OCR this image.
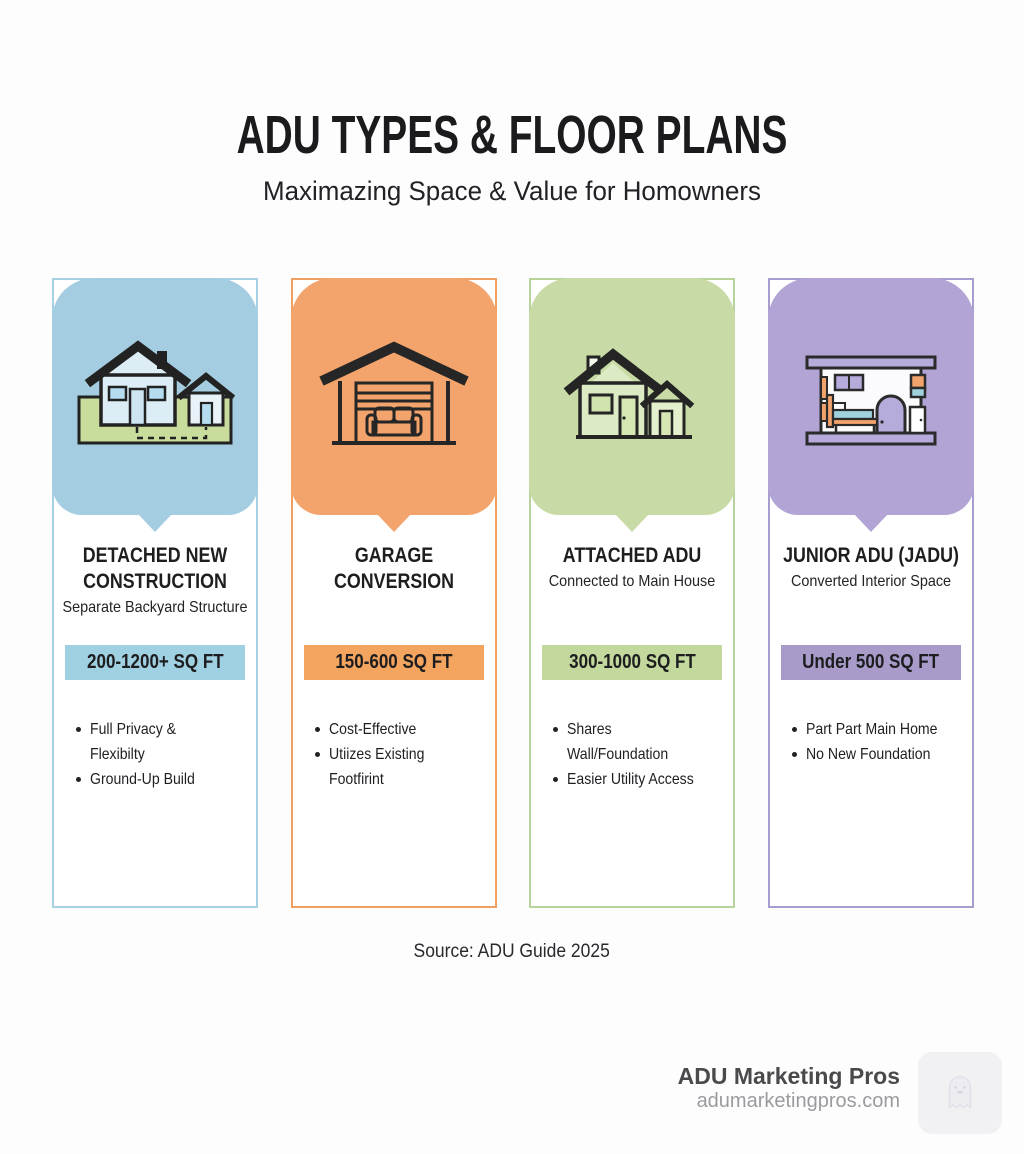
ADU TYPES & FLOOR PLANS
Maximazing Space & Value for Homowners
DETACHED NEW CONSTRUCTION

Separate Backyard Structure

200-1200+ SQ FT
Full Privacy & Flexibilty
Ground-Up Build
GARAGE CONVERSION

150-600 SQ FT
Cost-Effective
Utiizes Existing Footfirint
ATTACHED ADU

Connected to Main House

300-1000 SQ FT
Shares Wall/Foundation
Easier Utility Access
JUNIOR ADU (JADU)

Converted Interior Space

Under 500 SQ FT
Part Part Main Home
No New Foundation
Source: ADU Guide 2025
ADU Marketing Pros
adumarketingpros.com
